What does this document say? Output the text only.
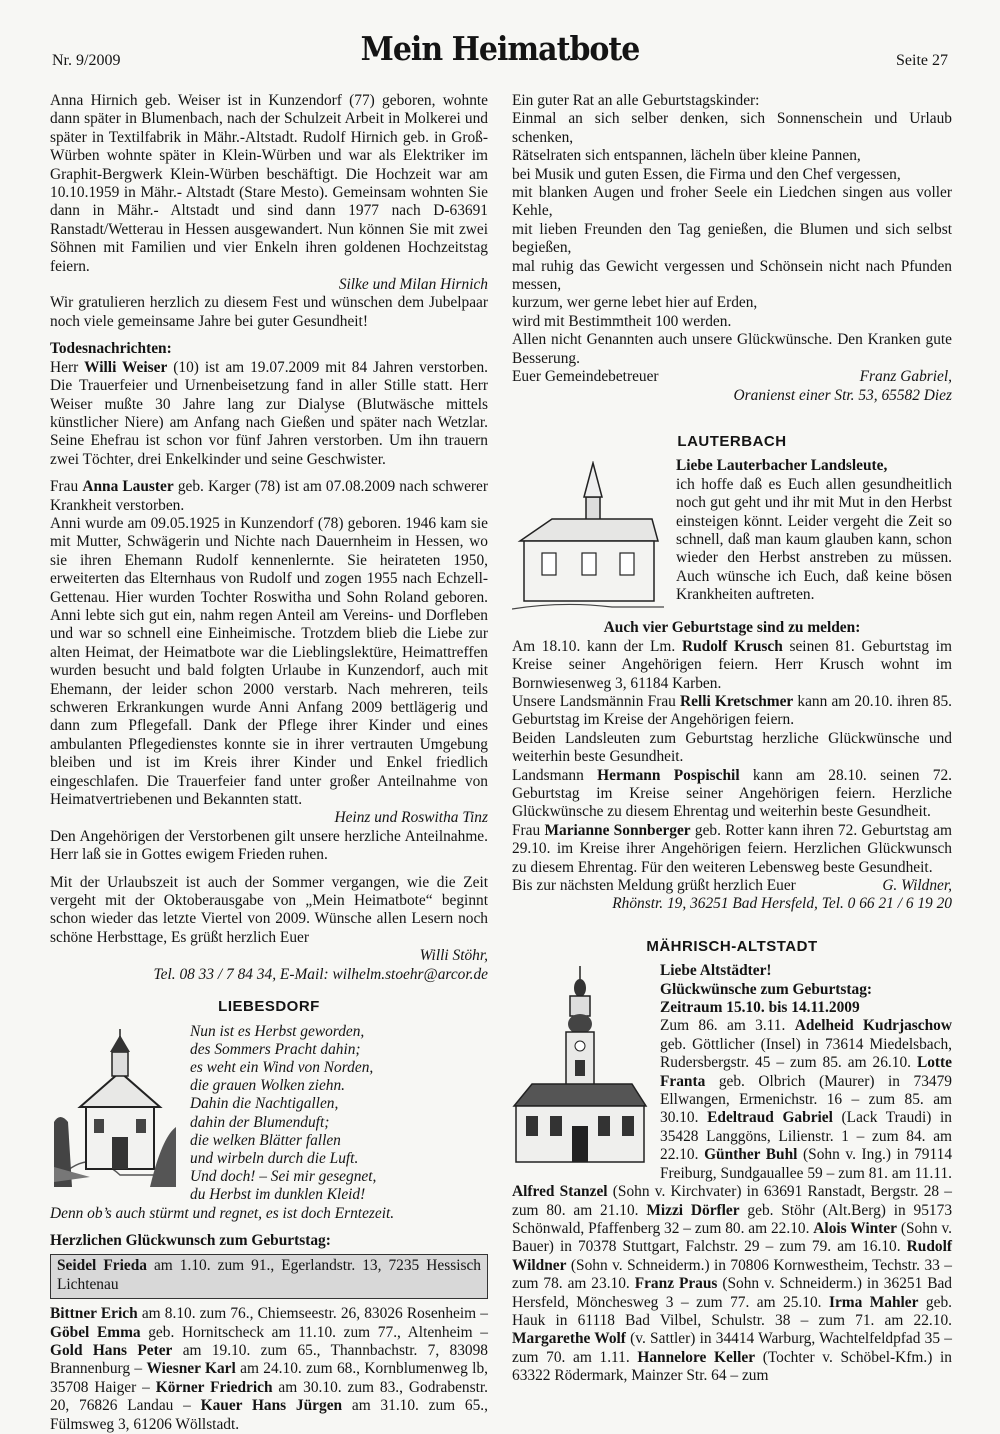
Nr. 9/2009	Mein Heimatbote	Seite 27

Anna Hirnich geb. Weiser ist in Kunzendorf (77) geboren, wohnte dann später in Blumenbach, nach der Schulzeit Arbeit in Molkerei und später in Textilfabrik in Mähr.-Altstadt. Rudolf Hirnich geb. in Groß-Würben wohnte später in Klein-Würben und war als Elektriker im Graphit-Bergwerk Klein-Würben beschäftigt. Die Hochzeit war am 10.10.1959 in Mähr.- Altstadt (Stare Mesto). Gemeinsam wohnten Sie dann in Mähr.- Altstadt und sind dann 1977 nach D-63691 Ranstadt/Wetterau in Hessen ausgewandert. Nun können Sie mit zwei Söhnen mit Familien und vier Enkeln ihren goldenen Hochzeitstag feiern.
Silke und Milan Hirnich

Wir gratulieren herzlich zu diesem Fest und wünschen dem Jubelpaar noch viele gemeinsame Jahre bei guter Gesundheit!

Todesnachrichten:

Herr Willi Weiser (10) ist am 19.07.2009 mit 84 Jahren verstorben. Die Trauerfeier und Urnenbeisetzung fand in aller Stille statt. Herr Weiser mußte 30 Jahre lang zur Dialyse (Blutwäsche mittels künstlicher Niere) am Anfang nach Gießen und später nach Wetzlar. Seine Ehefrau ist schon vor fünf Jahren verstorben. Um ihn trauern zwei Töchter, drei Enkelkinder und seine Geschwister.

Frau Anna Lauster geb. Karger (78) ist am 07.08.2009 nach schwerer Krankheit verstorben.

Anni wurde am 09.05.1925 in Kunzendorf (78) geboren. 1946 kam sie mit Mutter, Schwägerin und Nichte nach Dauernheim in Hessen, wo sie ihren Ehemann Rudolf kennenlernte. Sie heirateten 1950, erweiterten das Elternhaus von Rudolf und zogen 1955 nach Echzell-Gettenau. Hier wurden Tochter Roswitha und Sohn Roland geboren. Anni lebte sich gut ein, nahm regen Anteil am Vereins- und Dorfleben und war so schnell eine Einheimische. Trotzdem blieb die Liebe zur alten Heimat, der Heimatbote war die Lieblingslektüre, Heimattreffen wurden besucht und bald folgten Urlaube in Kunzendorf, auch mit Ehemann, der leider schon 2000 verstarb. Nach mehreren, teils schweren Erkrankungen wurde Anni Anfang 2009 bettlägerig und dann zum Pflegefall. Dank der Pflege ihrer Kinder und eines ambulanten Pflegedienstes konnte sie in ihrer vertrauten Umgebung bleiben und ist im Kreis ihrer Kinder und Enkel friedlich eingeschlafen. Die Trauerfeier fand unter großer Anteilnahme von Heimatvertriebenen und Bekannten statt.
Heinz und Roswitha Tinz

Den Angehörigen der Verstorbenen gilt unsere herzliche Anteilnahme. Herr laß sie in Gottes ewigem Frieden ruhen.

Mit der Urlaubszeit ist auch der Sommer vergangen, wie die Zeit vergeht mit der Oktoberausgabe von „Mein Heimatbote“ beginnt schon wieder das letzte Viertel von 2009. Wünsche allen Lesern noch schöne Herbsttage, Es grüßt herzlich Euer
Willi Stöhr,

Tel. 08 33 / 7 84 34, E-Mail: wilhelm.stoehr@arcor.de

LIEBESDORF
Nun ist es Herbst geworden,
des Sommers Pracht dahin;
es weht ein Wind von Norden,
die grauen Wolken ziehn.
Dahin die Nachtigallen,
dahin der Blumenduft;
die welken Blätter fallen
und wirbeln durch die Luft.
Und doch! – Sei mir gesegnet,
du Herbst im dunklen Kleid!
Denn ob’s auch stürmt und regnet, es ist doch Erntezeit.

Herzlichen Glückwunsch zum Geburtstag:

Seidel Frieda am 1.10. zum 91., Egerlandstr. 13, 7235 Hessisch Lichtenau

Bittner Erich am 8.10. zum 76., Chiemseestr. 26, 83026 Rosenheim – Göbel Emma geb. Hornitscheck am 11.10. zum 77., Altenheim – Gold Hans Peter am 19.10. zum 65., Thannbachstr. 7, 83098 Brannenburg – Wiesner Karl am 24.10. zum 68., Kornblumenweg lb, 35708 Haiger – Körner Friedrich am 30.10. zum 83., Godrabenstr. 20, 76826 Landau – Kauer Hans Jürgen am 31.10. zum 65., Fülmsweg 3, 61206 Wöllstadt.

Ein guter Rat an alle Geburtstagskinder:

Einmal an sich selber denken, sich Sonnenschein und Urlaub schenken,

Rätselraten sich entspannen, lächeln über kleine Pannen,

bei Musik und guten Essen, die Firma und den Chef vergessen,

mit blanken Augen und froher Seele ein Liedchen singen aus voller Kehle,

mit lieben Freunden den Tag genießen, die Blumen und sich selbst begießen,

mal ruhig das Gewicht vergessen und Schönsein nicht nach Pfunden messen,

kurzum, wer gerne lebet hier auf Erden,

wird mit Bestimmtheit 100 werden.

Allen nicht Genannten auch unsere Glückwünsche. Den Kranken gute Besserung.

Euer Gemeindebetreuer	Franz Gabriel,

Oranienst einer Str. 53, 65582 Diez

LAUTERBACH

Liebe Lauterbacher Landsleute,

ich hoffe daß es Euch allen gesundheitlich noch gut geht und ihr mit Mut in den Herbst einsteigen könnt. Leider vergeht die Zeit so schnell, daß man kaum glauben kann, schon wieder den Herbst anstreben zu müssen. Auch wünsche ich Euch, daß keine bösen Krankheiten auftreten.

Auch vier Geburtstage sind zu melden:

Am 18.10. kann der Lm. Rudolf Krusch seinen 81. Geburtstag im Kreise seiner Angehörigen feiern. Herr Krusch wohnt im Bornwiesenweg 3, 61184 Karben.

Unsere Landsmännin Frau Relli Kretschmer kann am 20.10. ihren 85. Geburtstag im Kreise der Angehörigen feiern.

Beiden Landsleuten zum Geburtstag herzliche Glückwünsche und weiterhin beste Gesundheit.

Landsmann Hermann Pospischil kann am 28.10. seinen 72. Geburtstag im Kreise seiner Angehörigen feiern. Herzliche Glückwünsche zu diesem Ehrentag und weiterhin beste Gesundheit.

Frau Marianne Sonnberger geb. Rotter kann ihren 72. Geburtstag am 29.10. im Kreise ihrer Angehörigen feiern. Herzlichen Glückwunsch zu diesem Ehrentag. Für den weiteren Lebensweg beste Gesundheit.

Bis zur nächsten Meldung grüßt herzlich Euer	G. Wildner,

Rhönstr. 19, 36251 Bad Hersfeld, Tel. 0 66 21 / 6 19 20

MÄHRISCH-ALTSTADT

Liebe Altstädter!

Glückwünsche zum Geburtstag:

Zeitraum 15.10. bis 14.11.2009

Zum 86. am 3.11. Adelheid Kudrjaschow geb. Göttlicher (Insel) in 73614 Miedelsbach, Rudersbergstr. 45 – zum 85. am 26.10. Lotte Franta geb. Olbrich (Maurer) in 73479 Ellwangen, Ermenichstr. 16 – zum 85. am 30.10. Edeltraud Gabriel (Lack Traudi) in 35428 Langgöns, Lilienstr. 1 – zum 84. am 22.10. Günther Buhl (Sohn v. Ing.) in 79114 Freiburg, Sundgauallee 59 – zum 81. am 11.11. Alfred Stanzel (Sohn v. Kirchvater) in 63691 Ranstadt, Bergstr. 28 – zum 80. am 21.10. Mizzi Dörfler geb. Stöhr (Alt.Berg) in 95173 Schönwald, Pfaffenberg 32 – zum 80. am 22.10. Alois Winter (Sohn v. Bauer) in 70378 Stuttgart, Falchstr. 29 – zum 79. am 16.10. Rudolf Wildner (Sohn v. Schneiderm.) in 70806 Kornwestheim, Techstr. 33 – zum 78. am 23.10. Franz Praus (Sohn v. Schneiderm.) in 36251 Bad Hersfeld, Mönchesweg 3 – zum 77. am 25.10. Irma Mahler geb. Hauk in 61118 Bad Vilbel, Schulstr. 38 – zum 71. am 22.10. Margarethe Wolf (v. Sattler) in 34414 Warburg, Wachtelfeldpfad 35 – zum 70. am 1.11. Hannelore Keller (Tochter v. Schöbel-Kfm.) in 63322 Rödermark, Mainzer Str. 64 – zum
